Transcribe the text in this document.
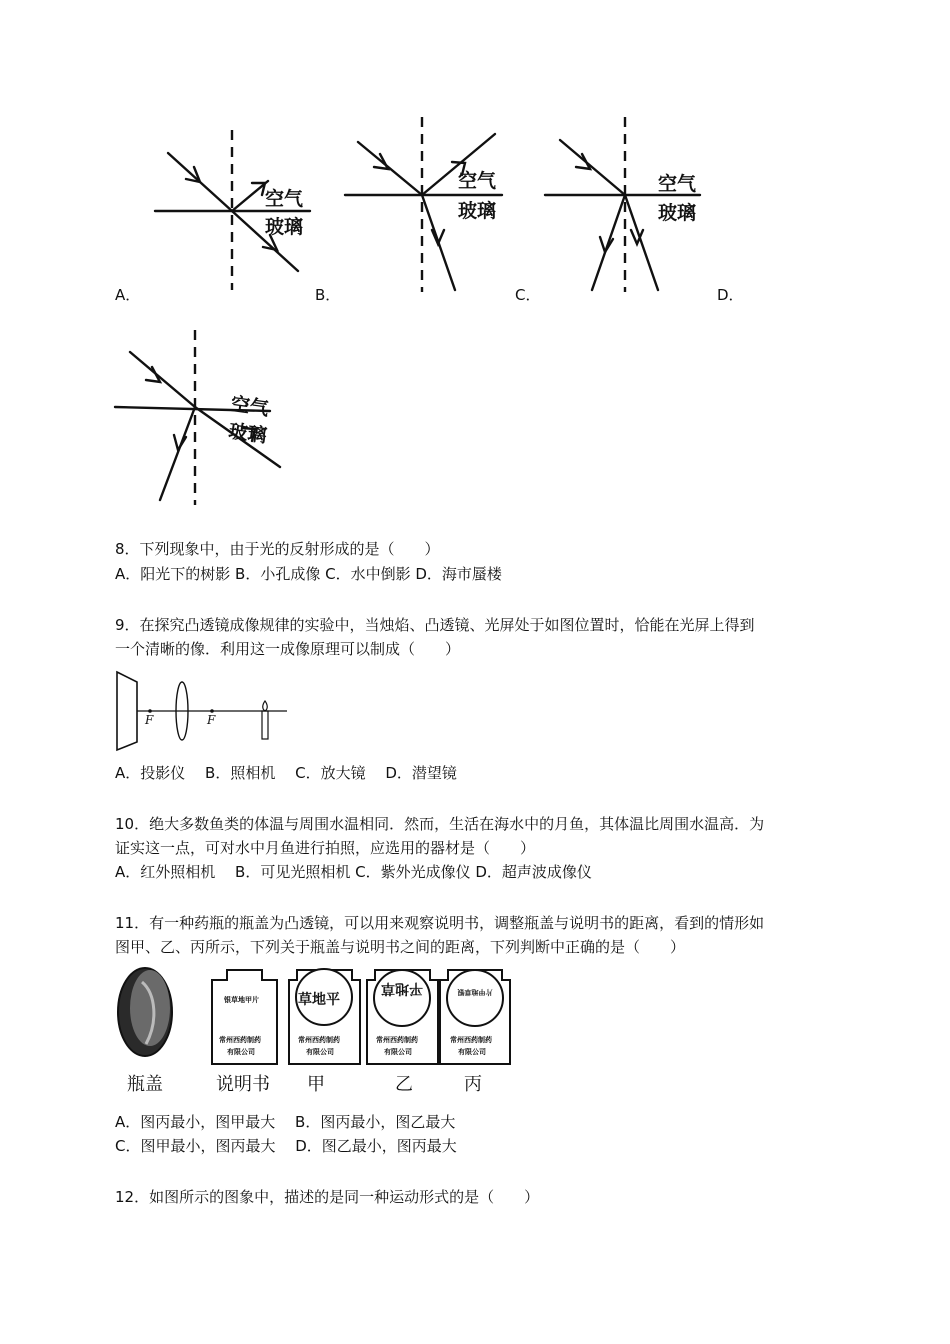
空气
玻璃
空气
玻璃
空气
玻璃
A．	B．	C．	D．
空气
玻璃
8．下列现象中，由于光的反射形成的是（　　）
A．阳光下的树影 B．小孔成像 C．水中倒影 D．海市蜃楼
9．在探究凸透镜成像规律的实验中，当烛焰、凸透镜、光屏处于如图位置时，恰能在光屏上得到
一个清晰的像．利用这一成像原理可以制成（　　）
F	F
A．投影仪　 B．照相机　 C．放大镜　 D．潜望镜
10．绝大多数鱼类的体温与周围水温相同．然而，生活在海水中的月鱼，其体温比周围水温高．为
证实这一点，可对水中月鱼进行拍照，应选用的器材是（　　）
A．红外照相机　 B．可见光照相机 C．紫外光成像仪 D．超声波成像仪
11．有一种药瓶的瓶盖为凸透镜，可以用来观察说明书，调整瓶盖与说明书的距离，看到的情形如
图甲、乙、丙所示，下列关于瓶盖与说明书之间的距离，下列判断中正确的是（　　）
银草地甲片
常州西药制药
有限公司
草地平
常州西药制药
有限公司
平地草
常州西药制药
有限公司
片甲地草银
常州西药制药
有限公司
瓶盖	说明书 甲	乙	丙
A．图丙最小，图甲最大　 B．图丙最小，图乙最大
C．图甲最小，图丙最大　 D．图乙最小，图丙最大
12．如图所示的图象中，描述的是同一种运动形式的是（　　）
